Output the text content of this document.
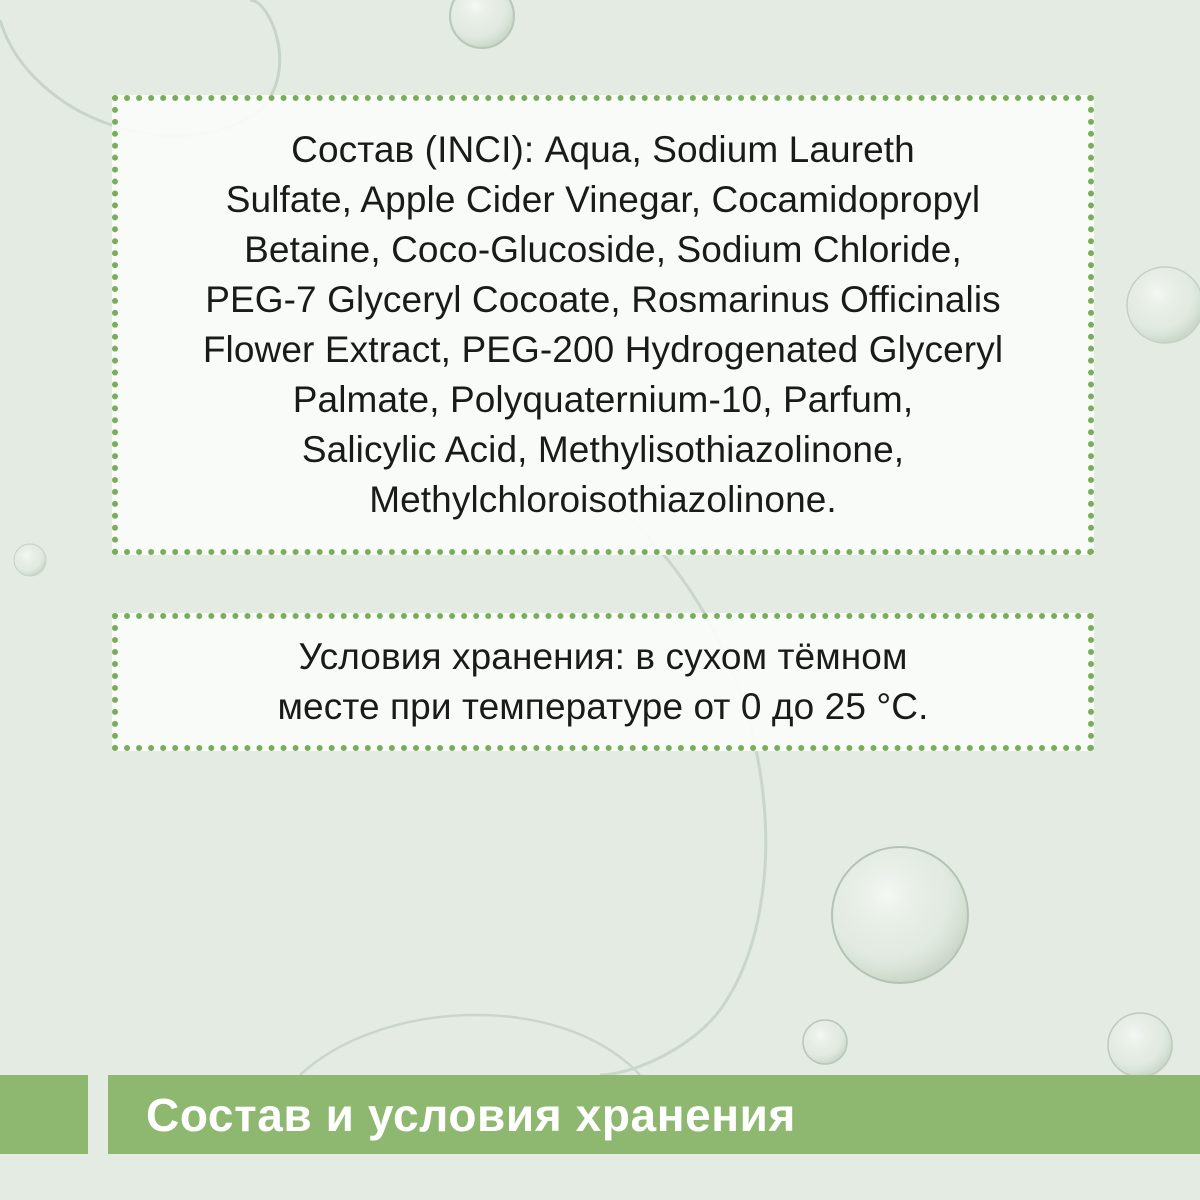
Состав (INCI): Aqua, Sodium Laureth
Sulfate, Apple Cider Vinegar, Cocamidopropyl
Betaine, Coco-Glucoside, Sodium Chloride,
PEG-7 Glyceryl Cocoate, Rosmarinus Officinalis
Flower Extract, PEG-200 Hydrogenated Glyceryl
Palmate, Polyquaternium-10, Parfum,
Salicylic Acid, Methylisothiazolinone,
Methylchloroisothiazolinone.

Условия хранения: в сухом тёмном
месте при температуре от 0 до 25 °С.

Состав и условия хранения
